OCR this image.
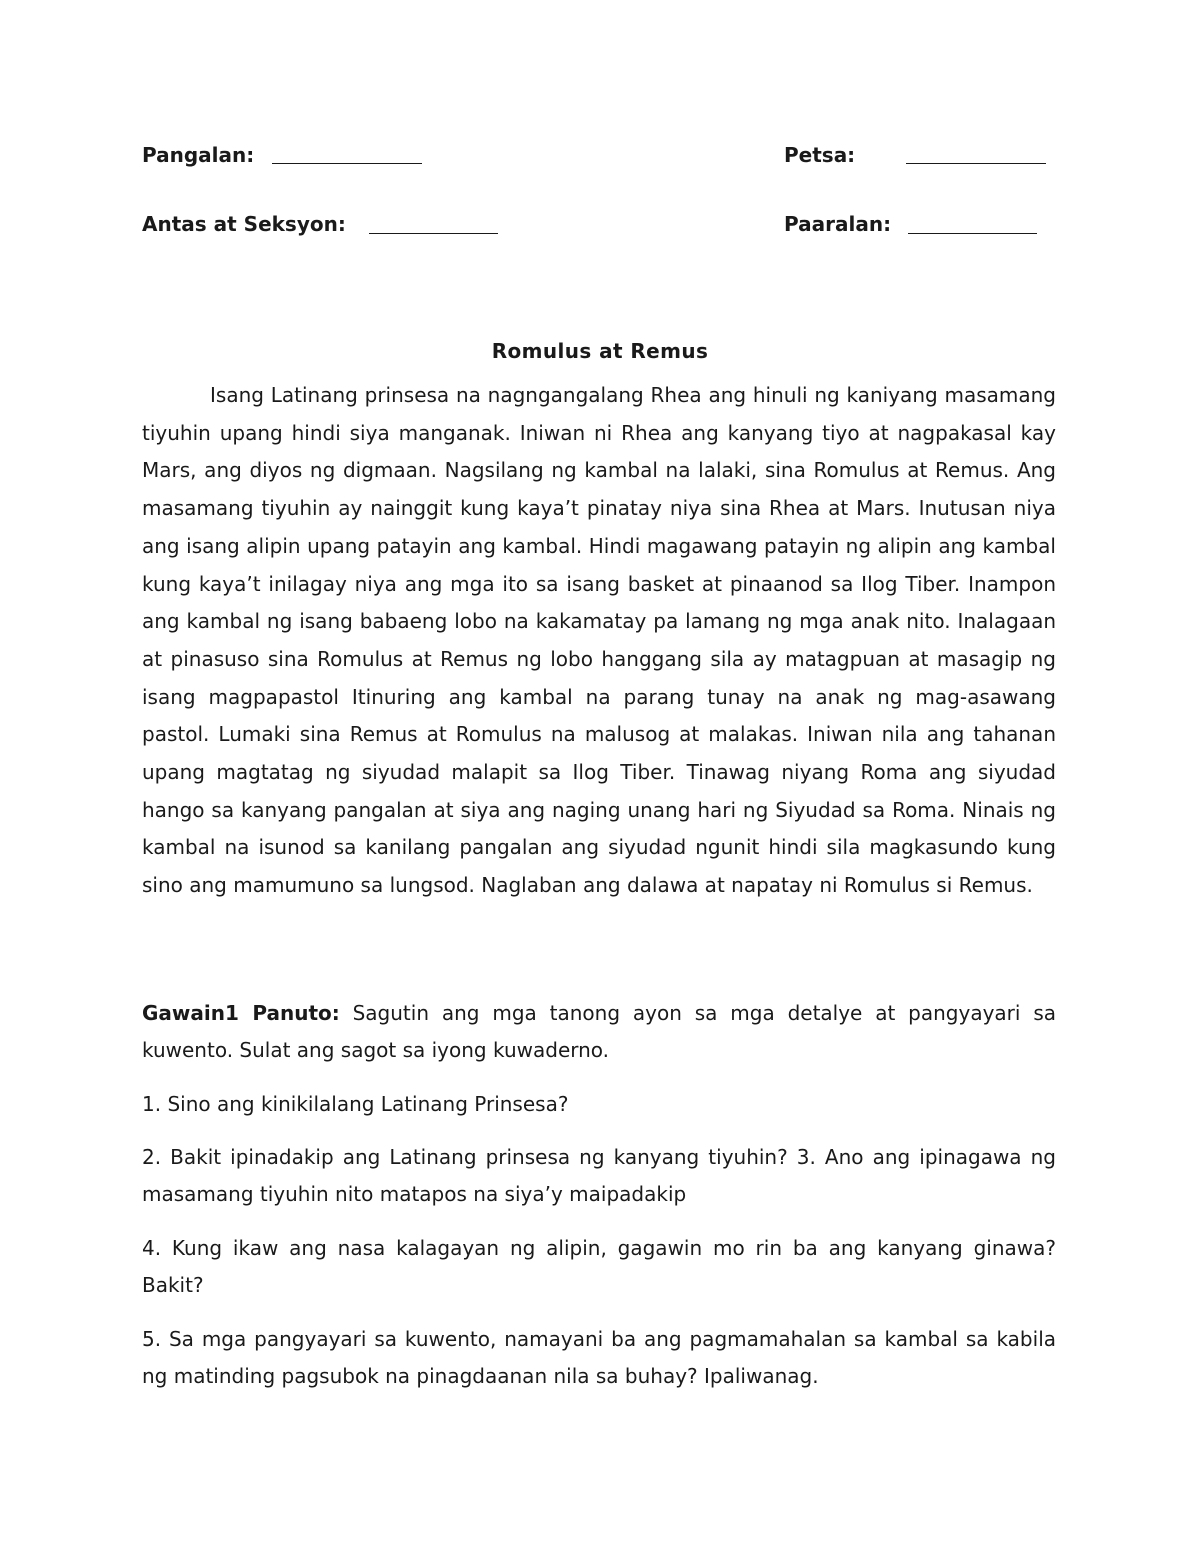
Pangalan:	Petsa:
Antas at Seksyon:	Paaralan:
Romulus at Remus

Isang Latinang prinsesa na nagngangalang Rhea ang hinuli ng kaniyang masamang tiyuhin upang hindi siya manganak. Iniwan ni Rhea ang kanyang tiyo at nagpakasal kay Mars, ang diyos ng digmaan. Nagsilang ng kambal na lalaki, sina Romulus at Remus. Ang masamang tiyuhin ay nainggit kung kaya’t pinatay niya sina Rhea at Mars. Inutusan niya ang isang alipin upang patayin ang kambal. Hindi magawang patayin ng alipin ang kambal kung kaya’t inilagay niya ang mga ito sa isang basket at pinaanod sa Ilog Tiber. Inampon ang kambal ng isang babaeng lobo na kakamatay pa lamang ng mga anak nito. Inalagaan at pinasuso sina Romulus at Remus ng lobo hanggang sila ay matagpuan at masagip ng isang magpapastol Itinuring ang kambal na parang tunay na anak ng mag-asawang pastol. Lumaki sina Remus at Romulus na malusog at malakas. Iniwan nila ang tahanan upang magtatag ng siyudad malapit sa Ilog Tiber. Tinawag niyang Roma ang siyudad hango sa kanyang pangalan at siya ang naging unang hari ng Siyudad sa Roma. Ninais ng kambal na isunod sa kanilang pangalan ang siyudad ngunit hindi sila magkasundo kung sino ang mamumuno sa lungsod. Naglaban ang dalawa at napatay ni Romulus si Remus.

Gawain1 Panuto: Sagutin ang mga tanong ayon sa mga detalye at pangyayari sa kuwento. Sulat ang sagot sa iyong kuwaderno.

1. Sino ang kinikilalang Latinang Prinsesa?

2. Bakit ipinadakip ang Latinang prinsesa ng kanyang tiyuhin? 3. Ano ang ipinagawa ng masamang tiyuhin nito matapos na siya’y maipadakip

4. Kung ikaw ang nasa kalagayan ng alipin, gagawin mo rin ba ang kanyang ginawa? Bakit?

5. Sa mga pangyayari sa kuwento, namayani ba ang pagmamahalan sa kambal sa kabila ng matinding pagsubok na pinagdaanan nila sa buhay? Ipaliwanag.
